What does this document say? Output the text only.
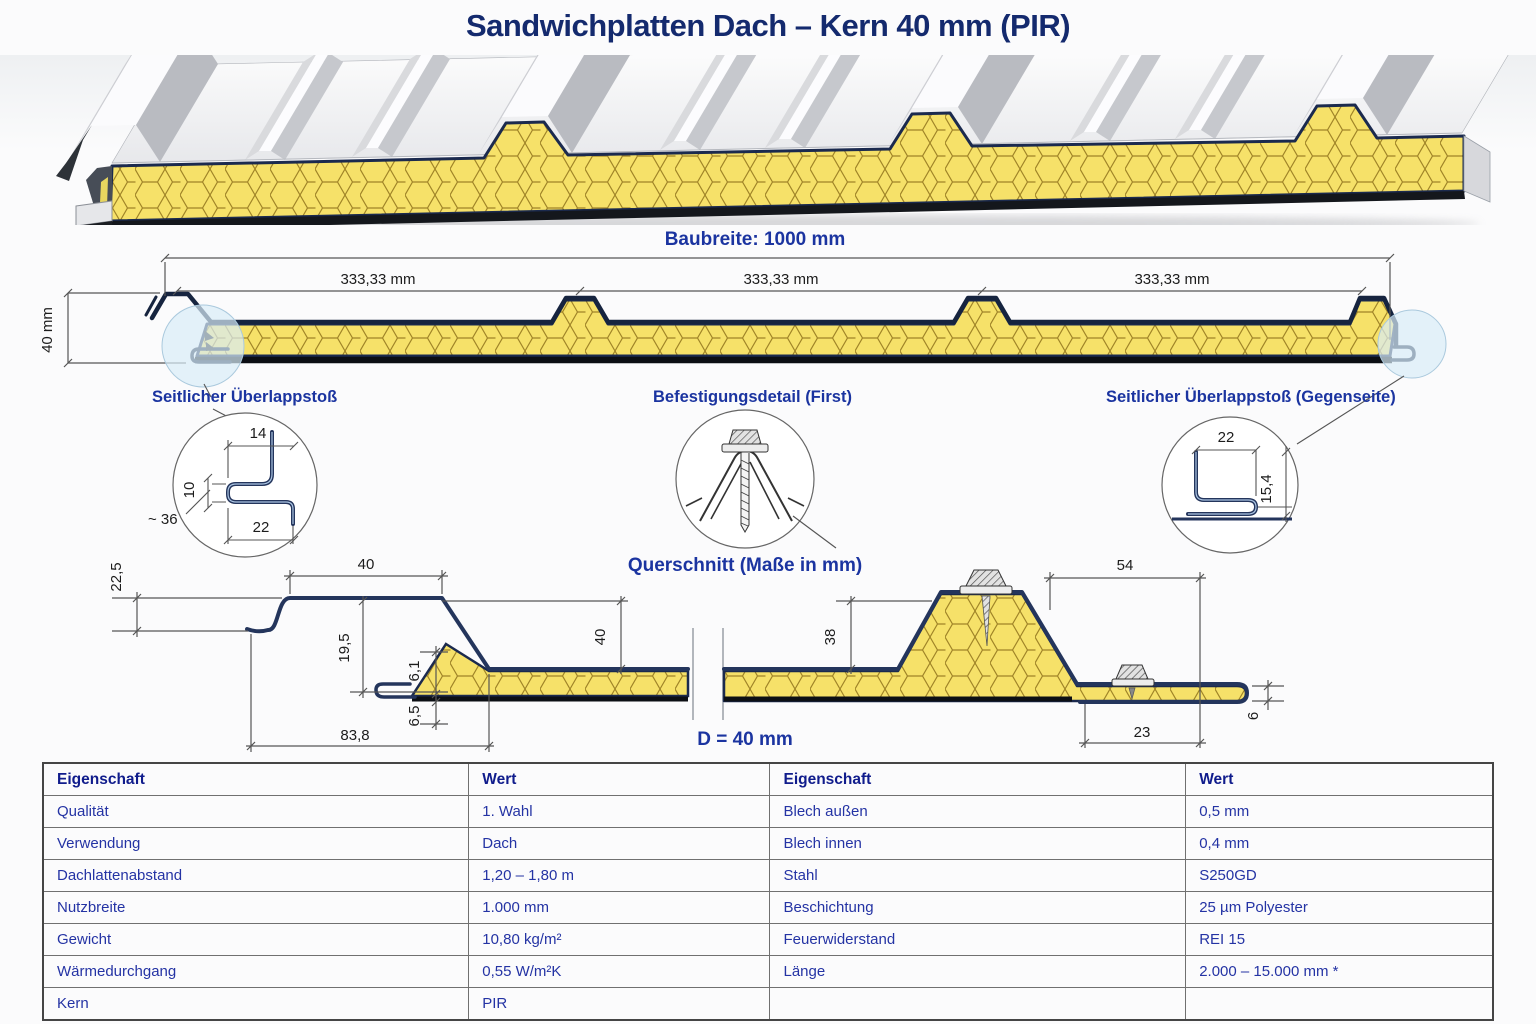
Sandwichplatten Dach – Kern 40 mm (PIR)
333,33 mm	333,33 mm	333,33 mm
40 mm
14
10
22
~ 36
22
15,4
22,5	40
19,5
6,1
6,5
83,8
40	38
54
23
6
Baubreite: 1000 mm
Seitlicher Überlappstoß	Befestigungsdetail (First)	Seitlicher Überlappstoß (Gegenseite)
Querschnitt (Maße in mm)
D = 40 mm
Eigenschaft	Wert	Eigenschaft	Wert
Qualität	1. Wahl	Blech außen	0,5 mm
Verwendung	Dach	Blech innen	0,4 mm
Dachlattenabstand	1,20 – 1,80 m	Stahl	S250GD
Nutzbreite	1.000 mm	Beschichtung	25 µm Polyester
Gewicht	10,80 kg/m²	Feuerwiderstand	REI 15
Wärmedurchgang	0,55 W/m²K	Länge	2.000 – 15.000 mm *
Kern	PIR		
